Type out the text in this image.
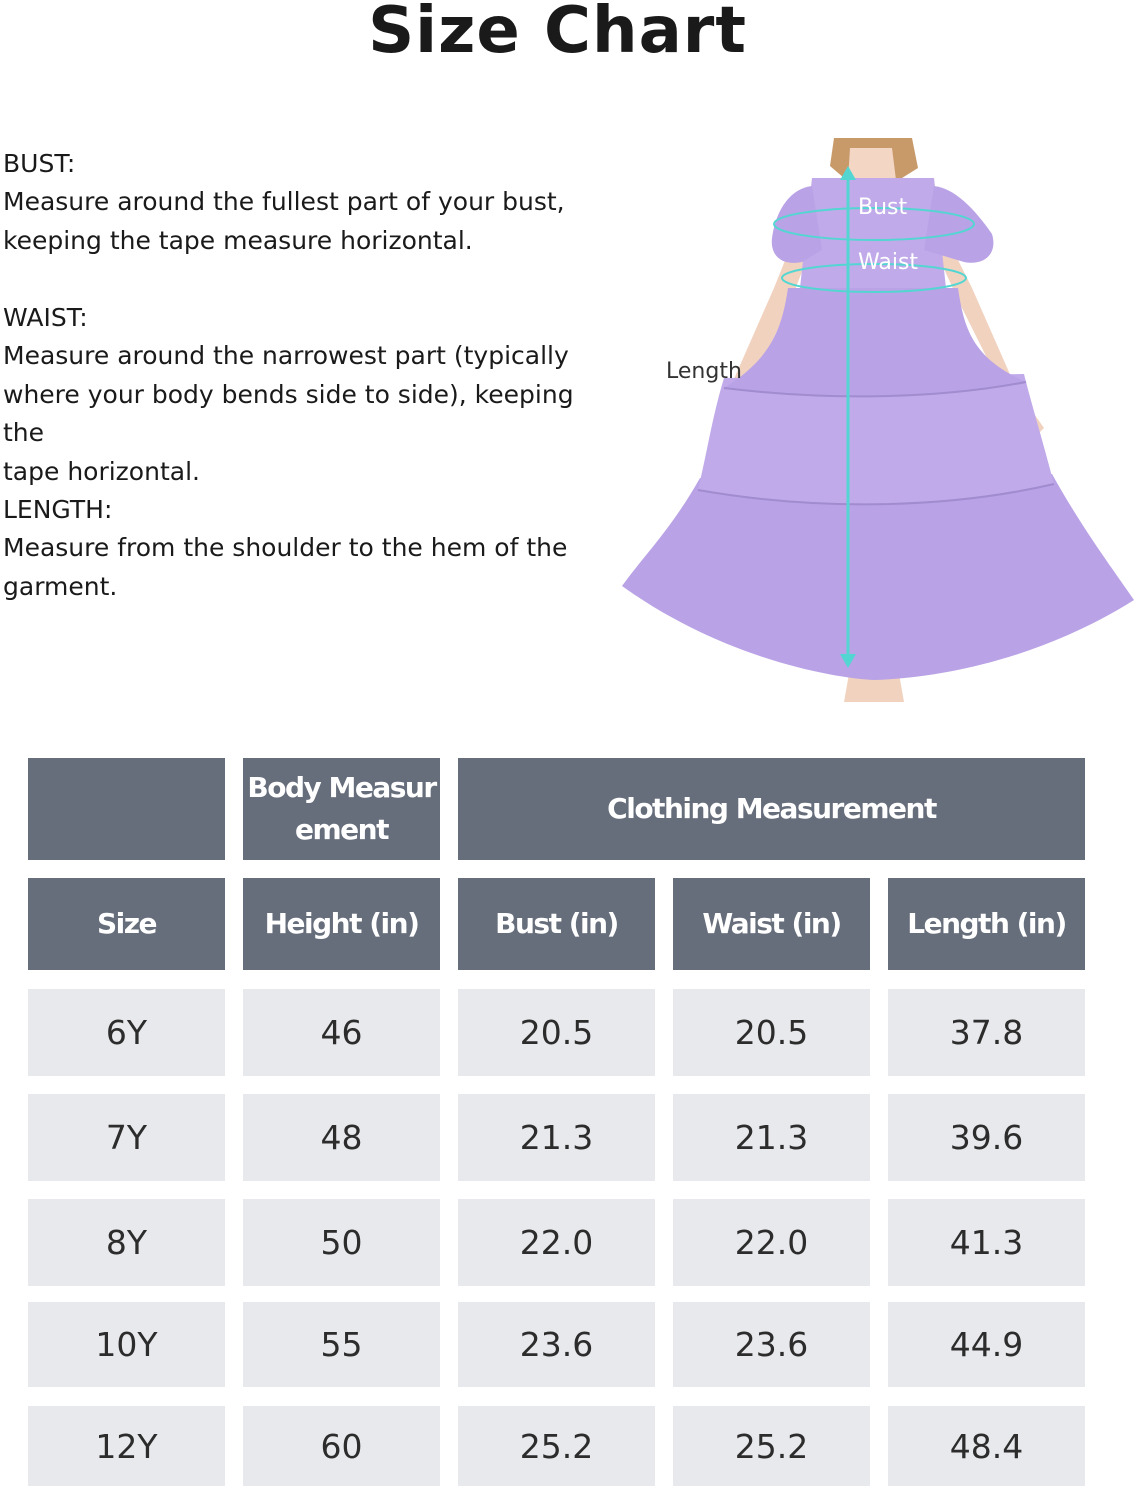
Size Chart
BUST:
Measure around the fullest part of your bust,
keeping the tape measure horizontal.
WAIST:
Measure around the narrowest part (typically
where your body bends side to side), keeping the
tape horizontal.
LENGTH:
Measure from the shoulder to the hem of the
garment.
Bust
Waist
Length
Body Measur ement
Clothing Measurement
Size	Height (in)	Bust (in)	Waist (in)	Length (in)
6Y	46	20.5	20.5	37.8
7Y	48	21.3	21.3	39.6
8Y	50	22.0	22.0	41.3
10Y	55	23.6	23.6	44.9
12Y	60	25.2	25.2	48.4
